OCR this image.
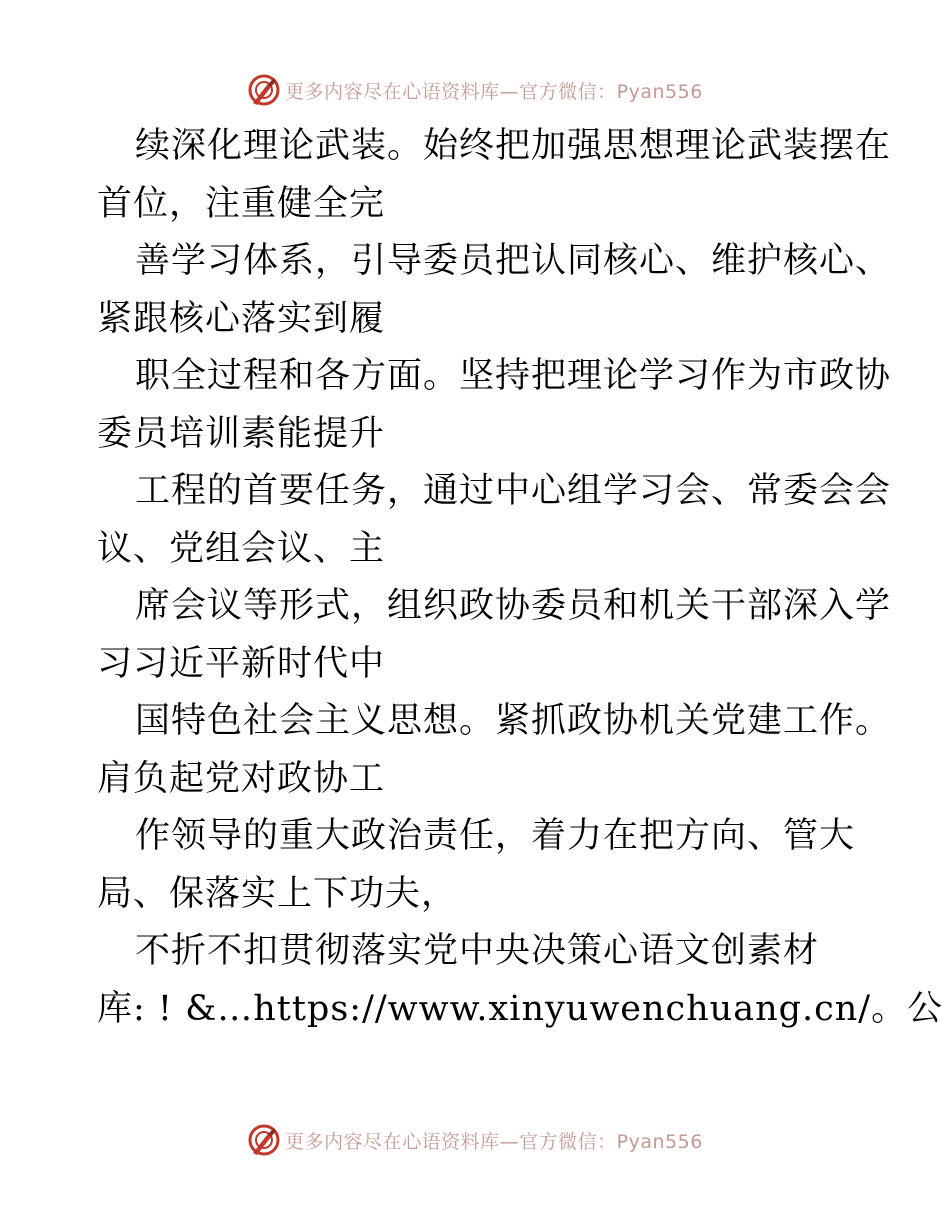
更多内容尽在心语资料库—官方微信：Pyan556
续深化理论武装。始终把加强思想理论武装摆在
首位，注重健全完
善学习体系，引导委员把认同核心、维护核心、
紧跟核心落实到履
职全过程和各方面。坚持把理论学习作为市政协
委员培训素能提升
工程的首要任务，通过中心组学习会、常委会会
议、党组会议、主
席会议等形式，组织政协委员和机关干部深入学
习习近平新时代中
国特色社会主义思想。紧抓政协机关党建工作。
肩负起党对政协工
作领导的重大政治责任，着力在把方向、管大
局、保落实上下功夫，
不折不扣贯彻落实党中央决策心语文创素材
库: ! &…https://www.xinyuwenchuang.cn/。公
更多内容尽在心语资料库—官方微信：Pyan556
